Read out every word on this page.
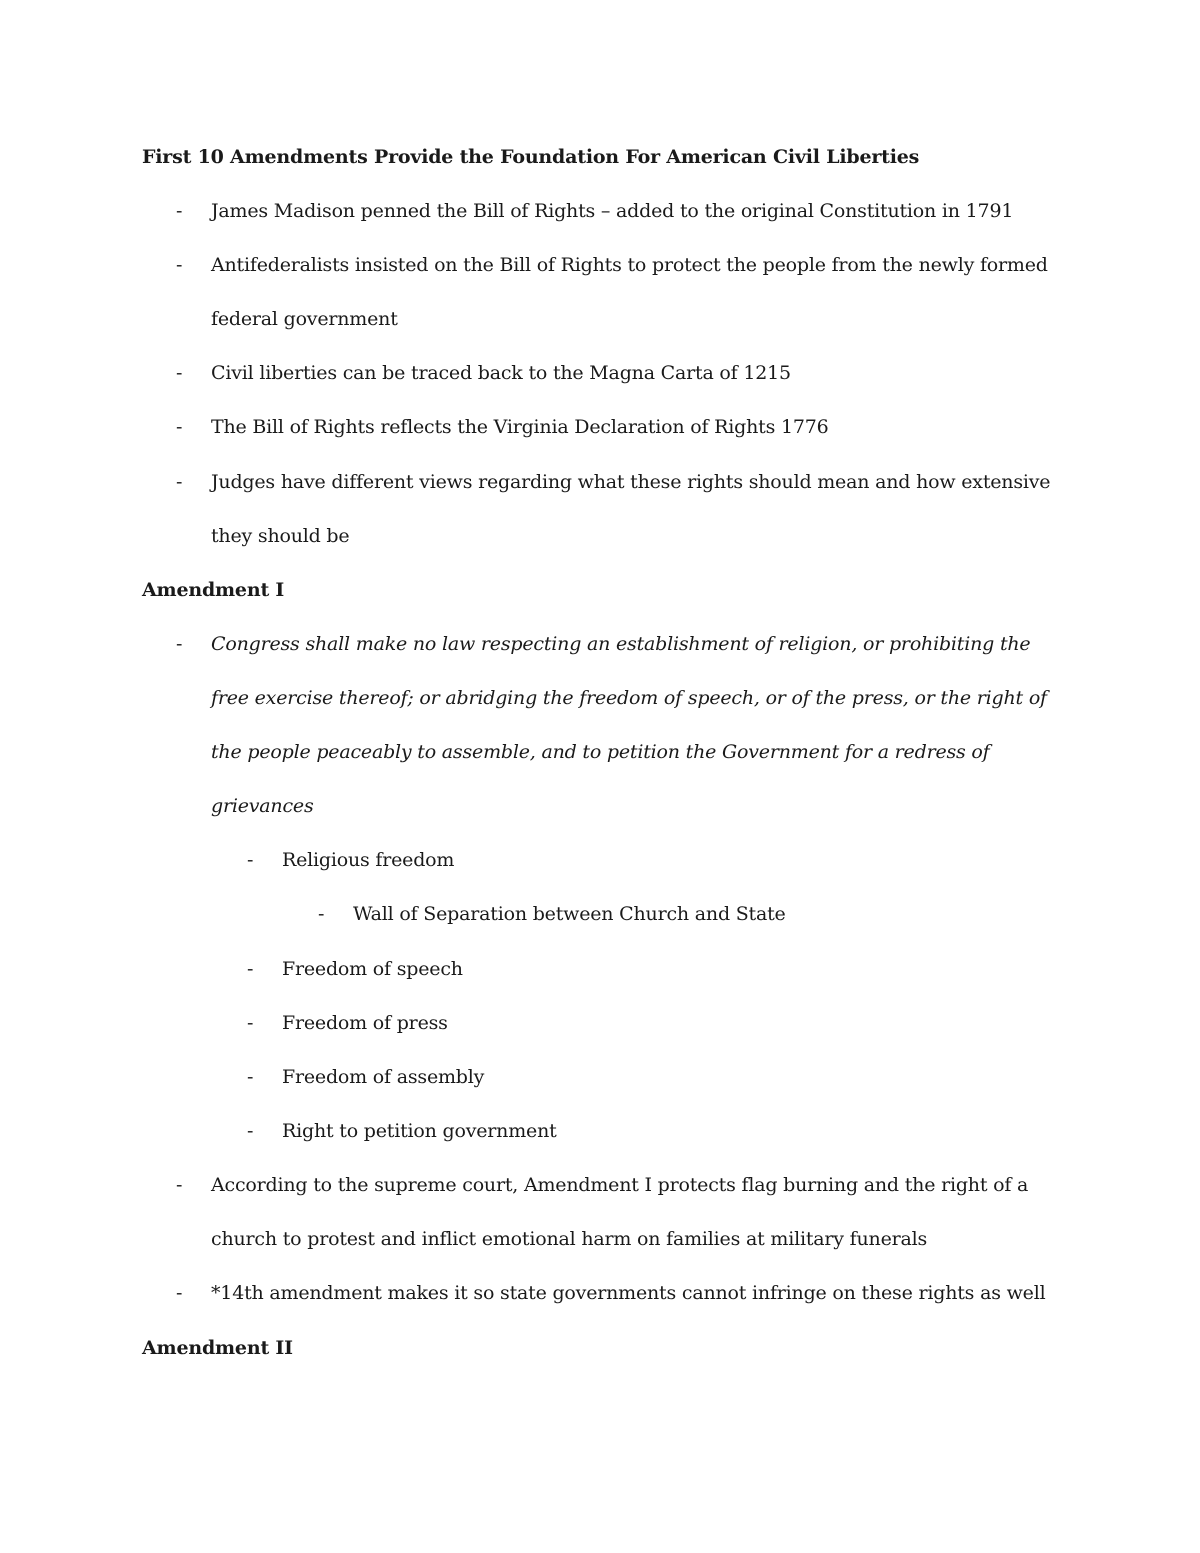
First 10 Amendments Provide the Foundation For American Civil Liberties
- James Madison penned the Bill of Rights – added to the original Constitution in 1791
- Antifederalists insisted on the Bill of Rights to protect the people from the newly formed
federal government
- Civil liberties can be traced back to the Magna Carta of 1215
- The Bill of Rights reflects the Virginia Declaration of Rights 1776
- Judges have different views regarding what these rights should mean and how extensive
they should be
Amendment I
- Congress shall make no law respecting an establishment of religion, or prohibiting the
free exercise thereof; or abridging the freedom of speech, or of the press, or the right of
the people peaceably to assemble, and to petition the Government for a redress of
grievances
- Religious freedom
- Wall of Separation between Church and State
- Freedom of speech
- Freedom of press
- Freedom of assembly
- Right to petition government
- According to the supreme court, Amendment I protects flag burning and the right of a
church to protest and inflict emotional harm on families at military funerals
- *14th amendment makes it so state governments cannot infringe on these rights as well
Amendment II
